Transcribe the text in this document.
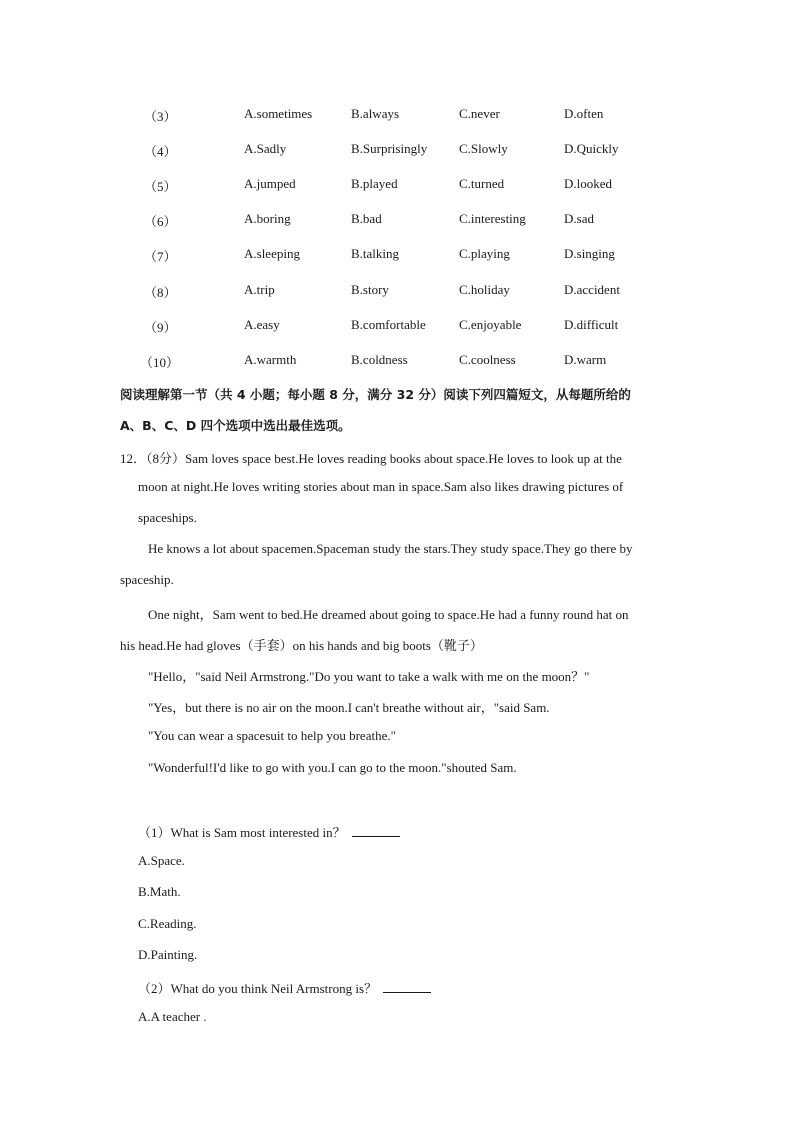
（3）	A.sometimes	B.always	C.never	D.often
（4）	A.Sadly	B.Surprisingly C.Slowly	D.Quickly
（5）	A.jumped	B.played	C.turned	D.looked
（6）	A.boring	B.bad	C.interesting	D.sad
（7）	A.sleeping	B.talking	C.playing	D.singing
（8）	A.trip	B.story	C.holiday	D.accident
（9）	A.easy	B.comfortable	C.enjoyable	D.difficult
（10）	A.warmth	B.coldness	C.coolness	D.warm
阅读理解第一节（共 4 小题；每小题 8 分，满分 32 分）阅读下列四篇短文，从每题所给的
A、B、C、D 四个选项中选出最佳选项。
12．（8分）Sam loves space best.He loves reading books about space.He loves to look up at the
moon at night.He loves writing stories about man in space.Sam also likes drawing pictures of
spaceships.
He knows a lot about spacemen.Spaceman study the stars.They study space.They go there by
spaceship.
One night，Sam went to bed.He dreamed about going to space.He had a funny round hat on
his head.He had gloves（手套）on his hands and big boots（靴子）
"Hello，"said Neil Armstrong."Do you want to take a walk with me on the moon？"
"Yes，but there is no air on the moon.I can't breathe without air，"said Sam.
"You can wear a spacesuit to help you breathe."
"Wonderful!I'd like to go with you.I can go to the moon."shouted Sam.
（1）What is Sam most interested in？
A.Space.
B.Math.
C.Reading.
D.Painting.
（2）What do you think Neil Armstrong is？
A.A teacher .
